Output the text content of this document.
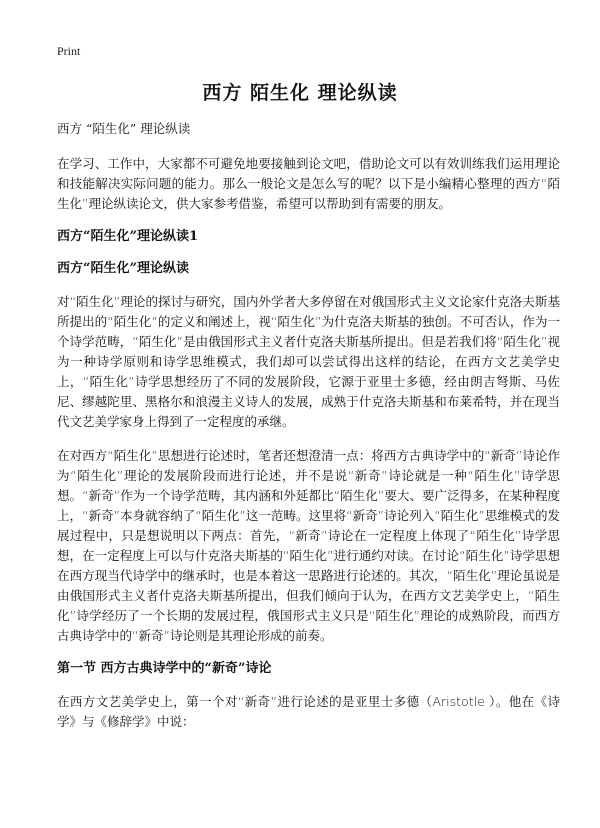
Print
西方 陌生化 理论纵读
西方 “陌生化” 理论纵读

在学习、工作中，大家都不可避免地要接触到论文吧，借助论文可以有效训练我们运用理论和技能解决实际问题的能力。那么一般论文是怎么写的呢？以下是小编精心整理的西方“陌生化”理论纵读论文，供大家参考借鉴，希望可以帮助到有需要的朋友。

西方“陌生化”理论纵读1
西方“陌生化”理论纵读

对“陌生化”理论的探讨与研究，国内外学者大多停留在对俄国形式主义文论家什克洛夫斯基所提出的“陌生化”的定义和阐述上，视“陌生化”为什克洛夫斯基的独创。不可否认，作为一个诗学范畴，“陌生化”是由俄国形式主义者什克洛夫斯基所提出。但是若我们将“陌生化”视为一种诗学原则和诗学思维模式，我们却可以尝试得出这样的结论，在西方文艺美学史上，“陌生化”诗学思想经历了不同的发展阶段，它源于亚里士多德，经由朗吉弩斯、马佐尼、缪越陀里、黑格尔和浪漫主义诗人的发展，成熟于什克洛夫斯基和布莱希特，并在现当代文艺美学家身上得到了一定程度的承继。

在对西方“陌生化”思想进行论述时，笔者还想澄清一点：将西方古典诗学中的“新奇”诗论作为“陌生化”理论的发展阶段而进行论述，并不是说“新奇”诗论就是一种“陌生化”诗学思想。“新奇”作为一个诗学范畴，其内涵和外延都比“陌生化”要大、要广泛得多，在某种程度上，“新奇”本身就容纳了“陌生化”这一范畴。这里将“新奇”诗论列入“陌生化”思维模式的发展过程中，只是想说明以下两点：首先，“新奇”诗论在一定程度上体现了“陌生化”诗学思想，在一定程度上可以与什克洛夫斯基的“陌生化”进行通约对读。在讨论“陌生化”诗学思想在西方现当代诗学中的继承时，也是本着这一思路进行论述的。其次，“陌生化”理论虽说是由俄国形式主义者什克洛夫斯基所提出，但我们倾向于认为，在西方文艺美学史上，“陌生化”诗学经历了一个长期的发展过程，俄国形式主义只是“陌生化”理论的成熟阶段，而西方古典诗学中的“新奇”诗论则是其理论形成的前奏。

第一节 西方古典诗学中的“新奇”诗论

在西方文艺美学史上，第一个对“新奇”进行论述的是亚里士多德（Aristotle ）。他在《诗学》与《修辞学》中说：
